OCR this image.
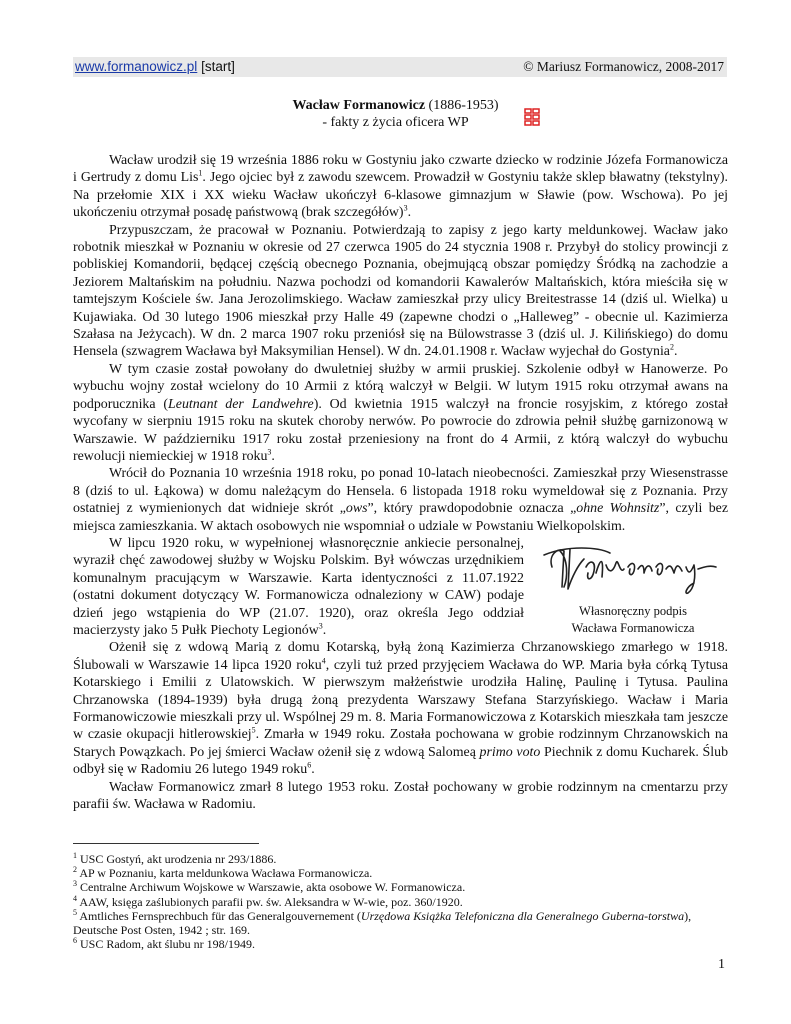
www.formanowicz.pl [start]	© Mariusz Formanowicz, 2008-2017
Wacław Formanowicz (1886-1953)
- fakty z życia oficera WP

Wacław urodził się 19 września 1886 roku w Gostyniu jako czwarte dziecko w rodzinie Józefa Formanowicza i Gertrudy z domu Lis$^1$. Jego ojciec był z zawodu szewcem. Prowadził w Gostyniu także sklep bławatny (tekstylny). Na przełomie XIX i XX wieku Wacław ukończył 6-klasowe gimnazjum w Sławie (pow. Wschowa). Po jej ukończeniu otrzymał posadę państwową (brak szczegółów)$^3$.

Przypuszczam, że pracował w Poznaniu. Potwierdzają to zapisy z jego karty meldunkowej. Wacław jako robotnik mieszkał w Poznaniu w okresie od 27 czerwca 1905 do 24 stycznia 1908 r. Przybył do stolicy prowincji z pobliskiej Komandorii, będącej częścią obecnego Poznania, obejmującą obszar pomiędzy Śródką na zachodzie a Jeziorem Maltańskim na południu. Nazwa pochodzi od komandorii Kawalerów Maltańskich, która mieściła się w tamtejszym Kościele św. Jana Jerozolimskiego. Wacław zamieszkał przy ulicy Breitestrasse 14 (dziś ul. Wielka) u Kujawiaka. Od 30 lutego 1906 mieszkał przy Halle 49 (zapewne chodzi o „Halleweg” - obecnie ul. Kazimierza Szałasa na Jeżycach). W dn. 2 marca 1907 roku przeniósł się na Bülowstrasse 3 (dziś ul. J. Kilińskiego) do domu Hensela (szwagrem Wacława był Maksymilian Hensel). W dn. 24.01.1908 r. Wacław wyjechał do Gostynia$^2$.

W tym czasie został powołany do dwuletniej służby w armii pruskiej. Szkolenie odbył w Hanowerze. Po wybuchu wojny został wcielony do 10 Armii z którą walczył w Belgii. W lutym 1915 roku otrzymał awans na podporucznika (Leutnant der Landwehre). Od kwietnia 1915 walczył na froncie rosyjskim, z którego został wycofany w sierpniu 1915 roku na skutek choroby nerwów. Po powrocie do zdrowia pełnił służbę garnizonową w Warszawie. W październiku 1917 roku został przeniesiony na front do 4 Armii, z którą walczył do wybuchu rewolucji niemieckiej w 1918 roku$^3$.

Wrócił do Poznania 10 września 1918 roku, po ponad 10-latach nieobecności. Zamieszkał przy Wiesenstrasse 8 (dziś to ul. Łąkowa) w domu należącym do Hensela. 6 listopada 1918 roku wymeldował się z Poznania. Przy ostatniej z wymienionych dat widnieje skrót „ows”, który prawdopodobnie oznacza „ohne Wohnsitz”, czyli bez miejsca zamieszkania. W aktach osobowych nie wspomniał o udziale w Powstaniu Wielkopolskim.

Własnoręczny podpis
Wacława Formanowicza

W lipcu 1920 roku, w wypełnionej własnoręcznie ankiecie personalnej, wyraził chęć zawodowej służby w Wojsku Polskim. Był wówczas urzędnikiem komunalnym pracującym w Warszawie. Karta identyczności z 11.07.1922 (ostatni dokument dotyczący W. Formanowicza odnaleziony w CAW) podaje dzień jego wstąpienia do WP (21.07. 1920), oraz określa Jego oddział macierzysty jako 5 Pułk Piechoty Legionów$^3$.

Ożenił się z wdową Marią z domu Kotarską, byłą żoną Kazimierza Chrzanowskiego zmarłego w 1918. Ślubowali w Warszawie 14 lipca 1920 roku$^4$, czyli tuż przed przyjęciem Wacława do WP. Maria była córką Tytusa Kotarskiego i Emilii z Ulatowskich. W pierwszym małżeństwie urodziła Halinę, Paulinę i Tytusa. Paulina Chrzanowska (1894-1939) była drugą żoną prezydenta Warszawy Stefana Starzyńskiego. Wacław i Maria Formanowiczowie mieszkali przy ul. Wspólnej 29 m. 8. Maria Formanowiczowa z Kotarskich mieszkała tam jeszcze w czasie okupacji hitlerowskiej$^5$. Zmarła w 1949 roku. Została pochowana w grobie rodzinnym Chrzanowskich na Starych Powązkach. Po jej śmierci Wacław ożenił się z wdową Salomeą primo voto Piechnik z domu Kucharek. Ślub odbył się w Radomiu 26 lutego 1949 roku$^6$.

Wacław Formanowicz zmarł 8 lutego 1953 roku. Został pochowany w grobie rodzinnym na cmentarzu przy parafii św. Wacława w Radomiu.

$^1$ USC Gostyń, akt urodzenia nr 293/1886.
$^2$ AP w Poznaniu, karta meldunkowa Wacława Formanowicza.
$^3$ Centralne Archiwum Wojskowe w Warszawie, akta osobowe W. Formanowicza.
$^4$ AAW, księga zaślubionych parafii pw. św. Aleksandra w W-wie, poz. 360/1920.
$^5$ Amtliches Fernsprechbuch für das Generalgouvernement (Urzędowa Książka Telefoniczna dla Generalnego Guberna-torstwa), Deutsche Post Osten, 1942 ; str. 169.
$^6$ USC Radom, akt ślubu nr 198/1949.
1
